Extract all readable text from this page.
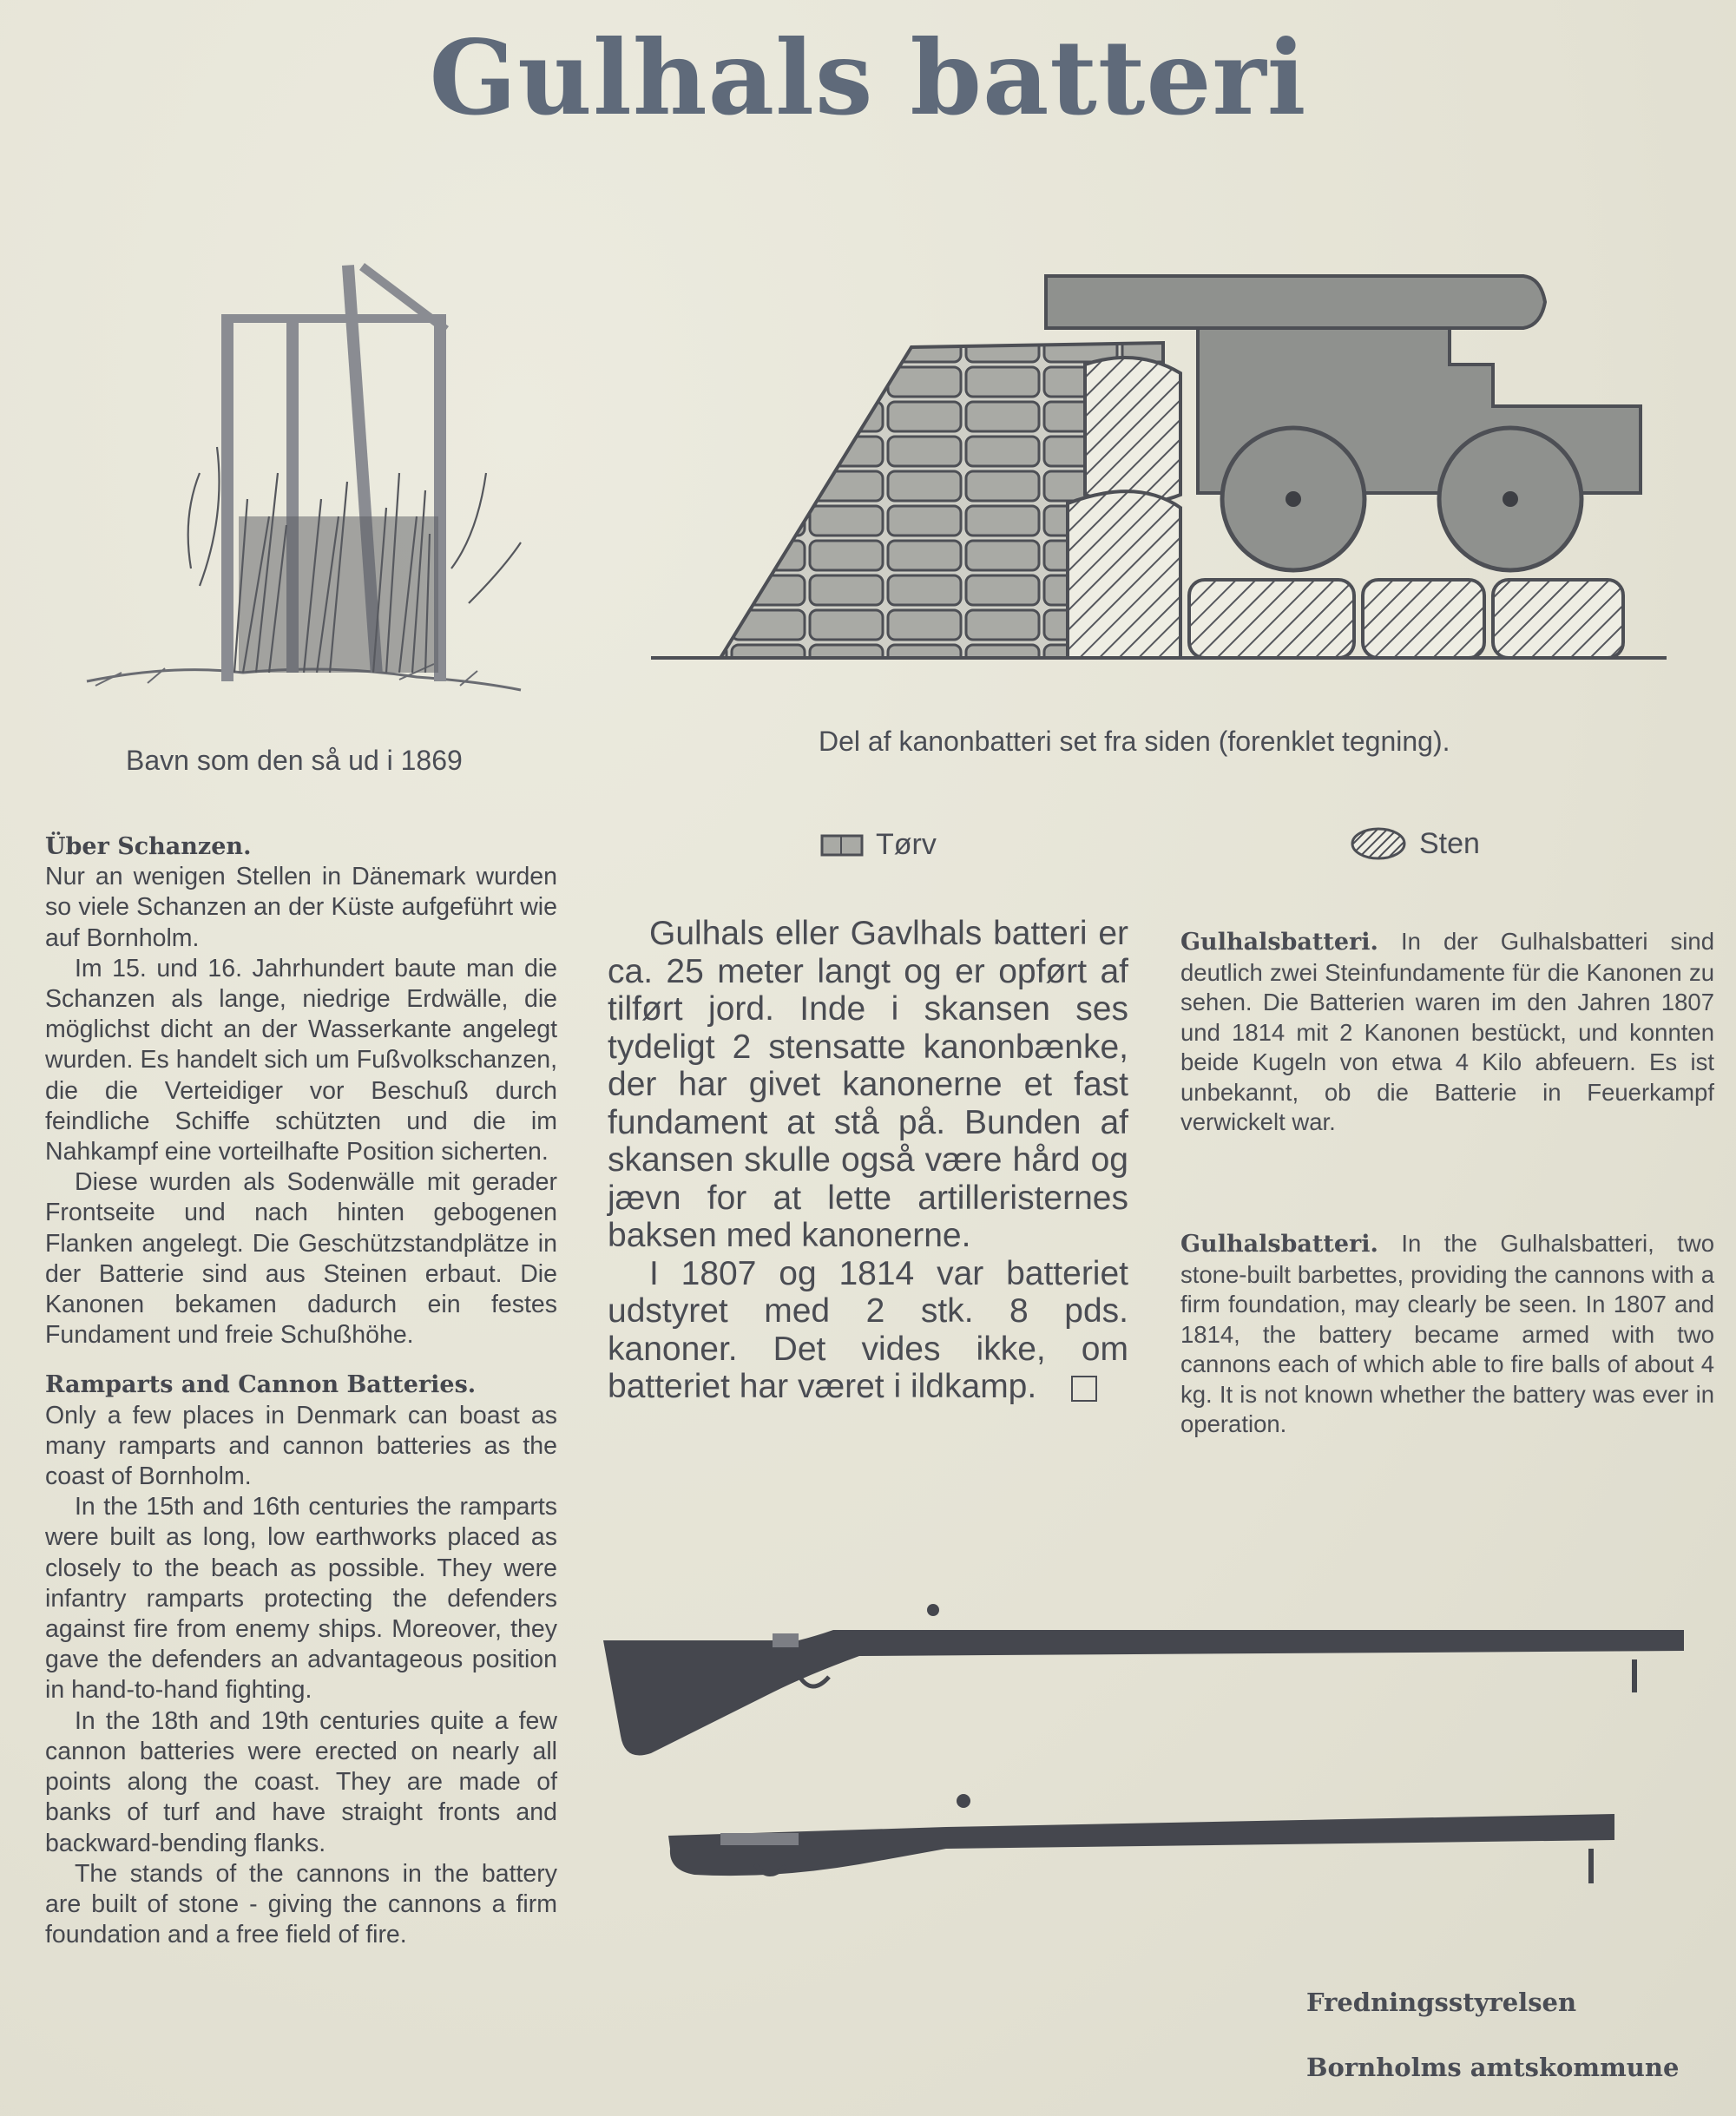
Gulhals batteri
Bavn som den så ud i 1869
Del af kanonbatteri set fra siden (forenklet tegning).
Tørv	Sten
Über Schanzen.

Nur an wenigen Stellen in Dänemark wurden so viele Schanzen an der Küste aufgeführt wie auf Bornholm.

Im 15. und 16. Jahrhundert baute man die Schanzen als lange, niedrige Erdwälle, die möglichst dicht an der Wasserkante angelegt wurden. Es handelt sich um Fußvolkschanzen, die die Verteidiger vor Beschuß durch feindliche Schiffe schützten und die im Nahkampf eine vorteilhafte Position sicherten.

Diese wurden als Sodenwälle mit gerader Frontseite und nach hinten gebogenen Flanken angelegt. Die Geschützstandplätze in der Batterie sind aus Steinen erbaut. Die Kanonen bekamen dadurch ein festes Fundament und freie Schußhöhe.

Ramparts and Cannon Batteries.

Only a few places in Denmark can boast as many ramparts and cannon batteries as the coast of Bornholm.

In the 15th and 16th centuries the ramparts were built as long, low earthworks placed as closely to the beach as possible. They were infantry ramparts protecting the defenders against fire from enemy ships. Moreover, they gave the defenders an advantageous position in hand-to-hand fighting.

In the 18th and 19th centuries quite a few cannon batteries were erected on nearly all points along the coast. They are made of banks of turf and have straight fronts and backward-bending flanks.

The stands of the cannons in the battery are built of stone - giving the cannons a firm foundation and a free field of fire.

Gulhals eller Gavlhals batteri er ca. 25 meter langt og er opført af tilført jord. Inde i skansen ses tydeligt 2 stensatte kanonbænke, der har givet kanonerne et fast fundament at stå på. Bunden af skansen skulle også være hård og jævn for at lette artilleristernes baksen med kanonerne.

I 1807 og 1814 var batteriet udstyret med 2 stk. 8 pds. kanoner. Det vides ikke, om batteriet har været i ildkamp.

Gulhalsbatteri. In der Gulhalsbatteri sind deutlich zwei Steinfundamente für die Kanonen zu sehen. Die Batterien waren im den Jahren 1807 und 1814 mit 2 Kanonen bestückt, und konnten beide Kugeln von etwa 4 Kilo abfeuern. Es ist unbekannt, ob die Batterie in Feuerkampf verwickelt war.
Gulhalsbatteri. In the Gulhalsbatteri, two stone-built barbettes, providing the cannons with a firm foundation, may clearly be seen. In 1807 and 1814, the battery became armed with two cannons each of which able to fire balls of about 4 kg. It is not known whether the battery was ever in operation.
Fredningsstyrelsen
Bornholms amtskommune
